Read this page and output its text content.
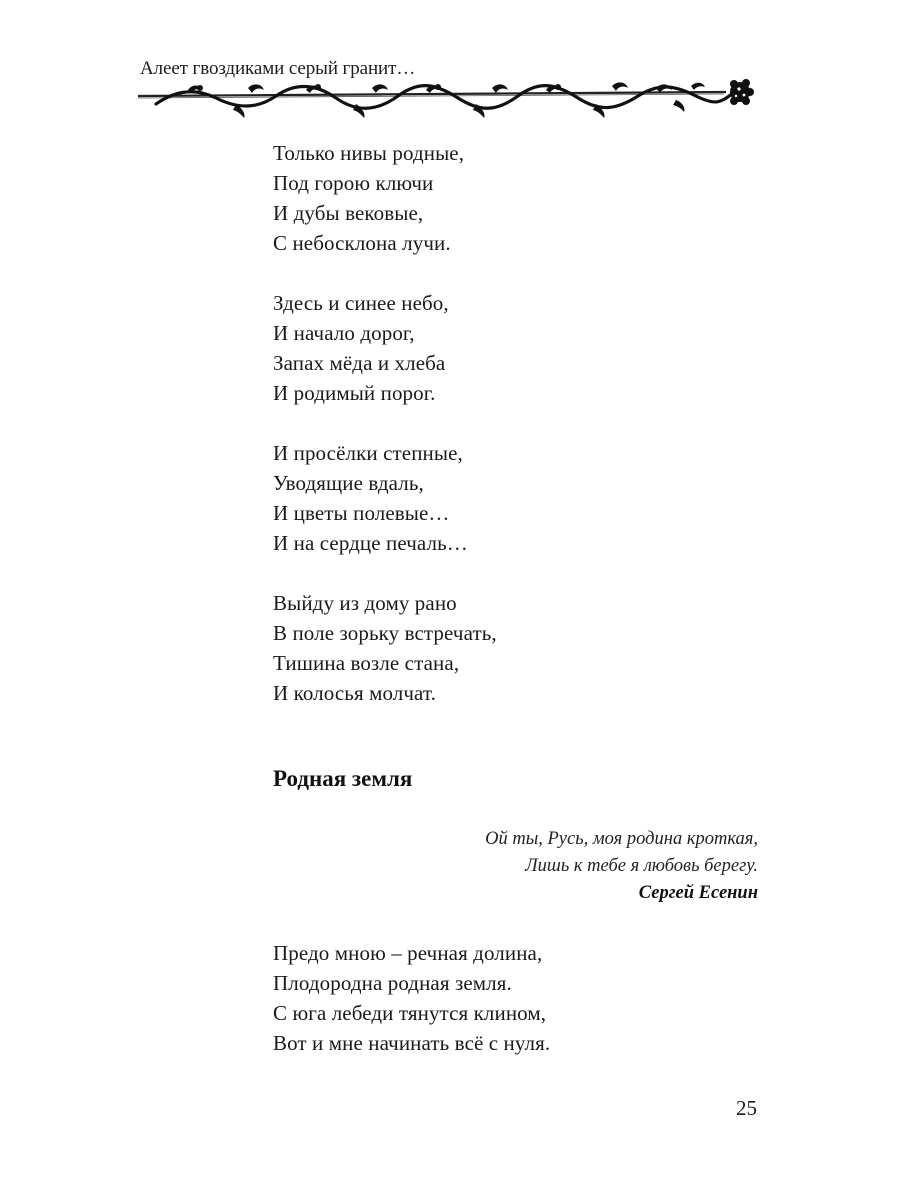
Алеет гвоздиками серый гранит…
Только нивы родные,
Под горою ключи
И дубы вековые,
С небосклона лучи.
Здесь и синее небо,
И начало дорог,
Запах мёда и хлеба
И родимый порог.
И просёлки степные,
Уводящие вдаль,
И цветы полевые…
И на сердце печаль…
Выйду из дому рано
В поле зорьку встречать,
Тишина возле стана,
И колосья молчат.
Родная земля
Ой ты, Русь, моя родина кроткая,
Лишь к тебе я любовь берегу.
Сергей Есенин
Предо мною – речная долина,
Плодородна родная земля.
С юга лебеди тянутся клином,
Вот и мне начинать всё с нуля.
25
